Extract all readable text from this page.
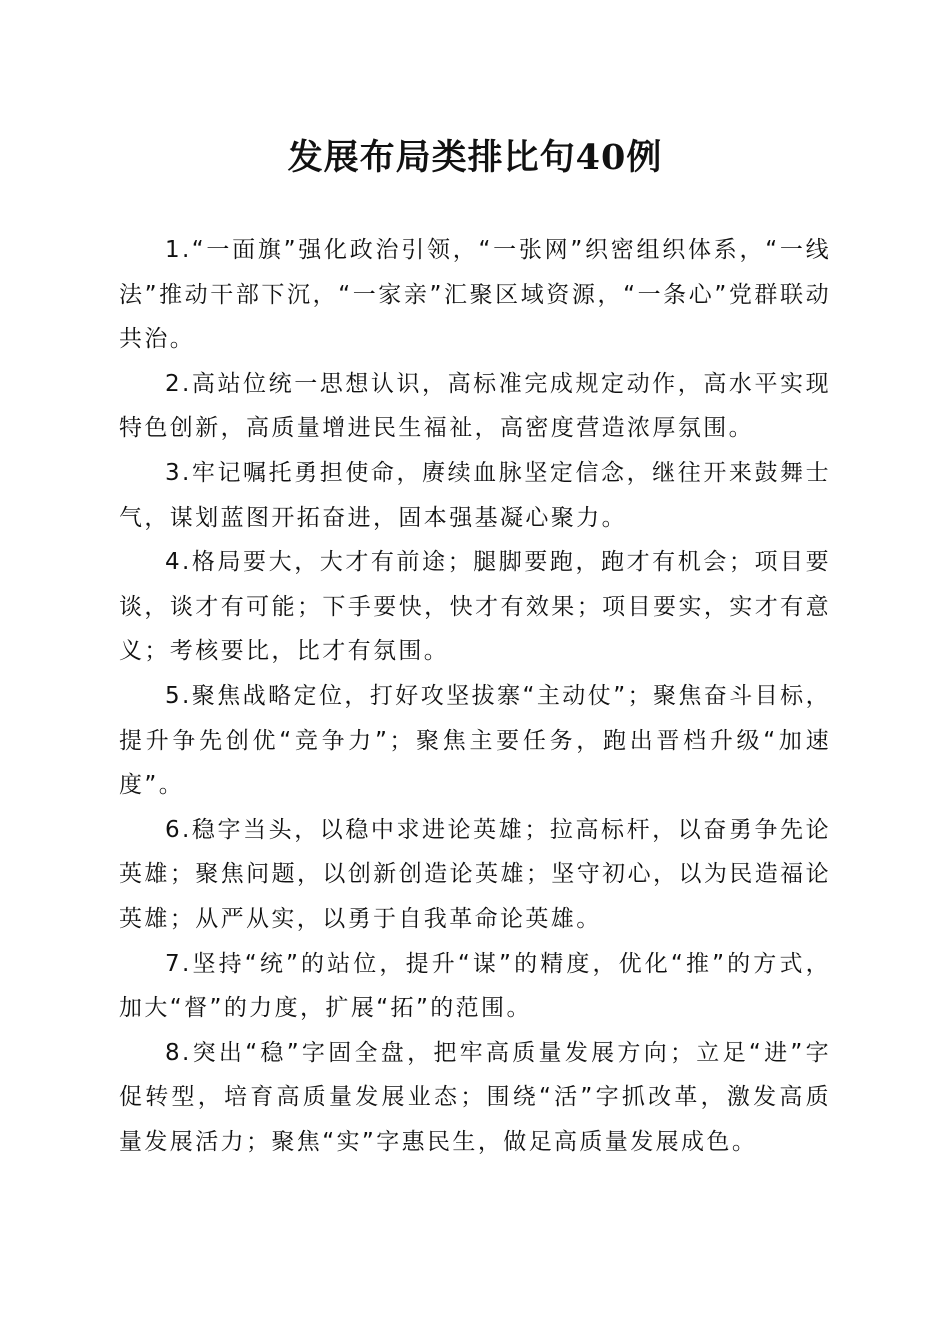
发展布局类排比句40例

1.“一面旗”强化政治引领，“一张网”织密组织体系，“一线法”推动干部下沉，“一家亲”汇聚区域资源，“一条心”党群联动共治。

2.高站位统一思想认识，高标准完成规定动作，高水平实现特色创新，高质量增进民生福祉，高密度营造浓厚氛围。

3.牢记嘱托勇担使命，赓续血脉坚定信念，继往开来鼓舞士气，谋划蓝图开拓奋进，固本强基凝心聚力。

4.格局要大，大才有前途；腿脚要跑，跑才有机会；项目要谈，谈才有可能；下手要快，快才有效果；项目要实，实才有意义；考核要比，比才有氛围。

5.聚焦战略定位，打好攻坚拔寨“主动仗”；聚焦奋斗目标，提升争先创优“竞争力”；聚焦主要任务，跑出晋档升级“加速度”。

6.稳字当头，以稳中求进论英雄；拉高标杆，以奋勇争先论英雄；聚焦问题，以创新创造论英雄；坚守初心，以为民造福论英雄；从严从实，以勇于自我革命论英雄。

7.坚持“统”的站位，提升“谋”的精度，优化“推”的方式，加大“督”的力度，扩展“拓”的范围。

8.突出“稳”字固全盘，把牢高质量发展方向；立足“进”字促转型，培育高质量发展业态；围绕“活”字抓改革，激发高质量发展活力；聚焦“实”字惠民生，做足高质量发展成色。
